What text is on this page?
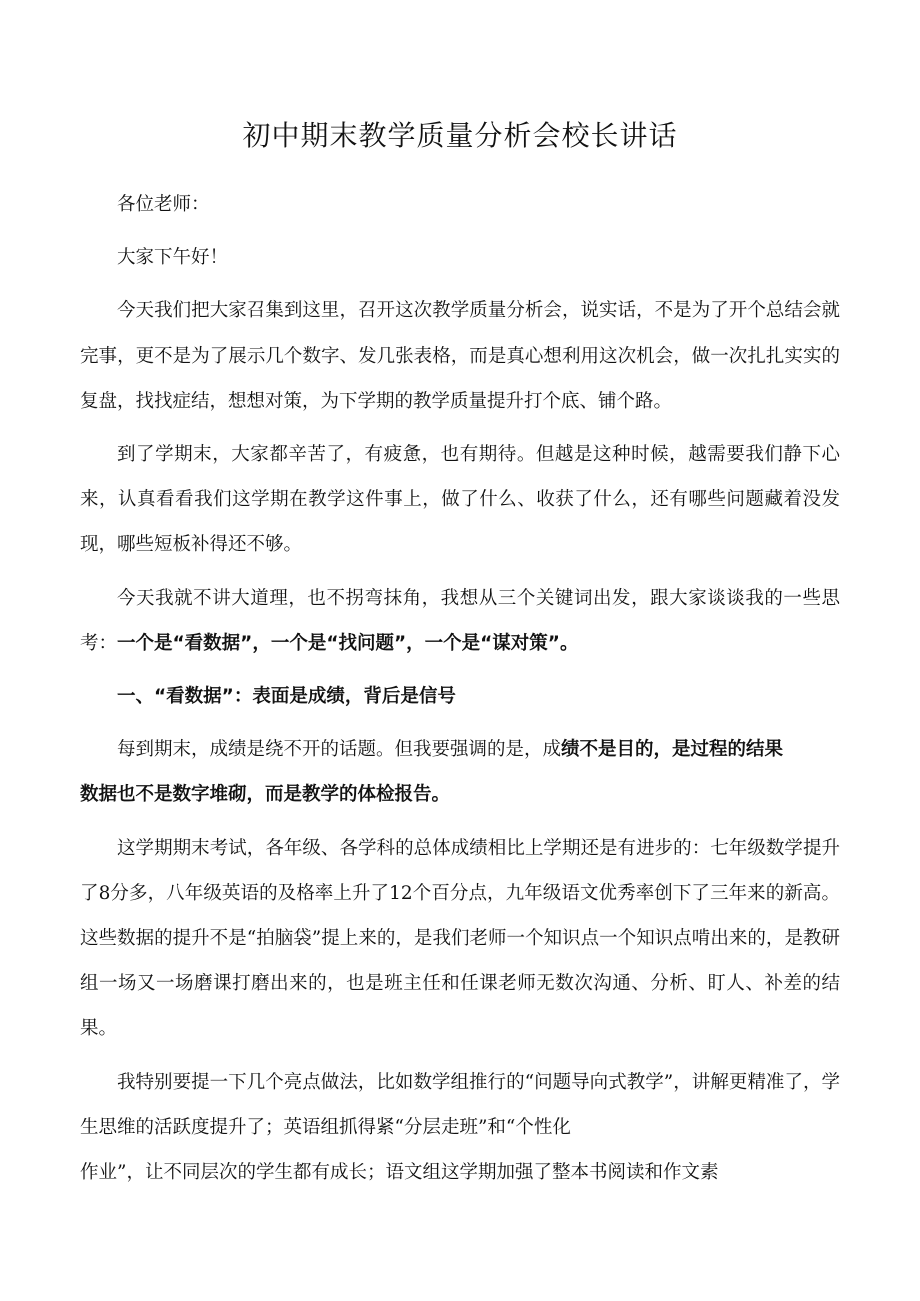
初中期末教学质量分析会校长讲话

各位老师：

大家下午好！

今天我们把大家召集到这里，召开这次教学质量分析会，说实话，不是为了开个总结会就完事，更不是为了展示几个数字、发几张表格，而是真心想利用这次机会，做一次扎扎实实的复盘，找找症结，想想对策，为下学期的教学质量提升打个底、铺个路。

到了学期末，大家都辛苦了，有疲惫，也有期待。但越是这种时候，越需要我们静下心来，认真看看我们这学期在教学这件事上，做了什么、收获了什么，还有哪些问题藏着没发现，哪些短板补得还不够。

今天我就不讲大道理，也不拐弯抹角，我想从三个关键词出发，跟大家谈谈我的一些思考：一个是“看数据”，一个是“找问题”，一个是“谋对策”。

一、“看数据”：表面是成绩，背后是信号

每到期末，成绩是绕不开的话题。但我要强调的是，成绩不是目的，是过程的结果
数据也不是数字堆砌，而是教学的体检报告。

这学期期末考试，各年级、各学科的总体成绩相比上学期还是有进步的：七年级数学提升了8分多，八年级英语的及格率上升了12个百分点，九年级语文优秀率创下了三年来的新高。这些数据的提升不是“拍脑袋”提上来的，是我们老师一个知识点一个知识点啃出来的，是教研组一场又一场磨课打磨出来的，也是班主任和任课老师无数次沟通、分析、盯人、补差的结果。

我特别要提一下几个亮点做法，比如数学组推行的“问题导向式教学”，讲解更精准了，学生思维的活跃度提升了；英语组抓得紧“分层走班”和“个性化
作业”，让不同层次的学生都有成长；语文组这学期加强了整本书阅读和作文素
